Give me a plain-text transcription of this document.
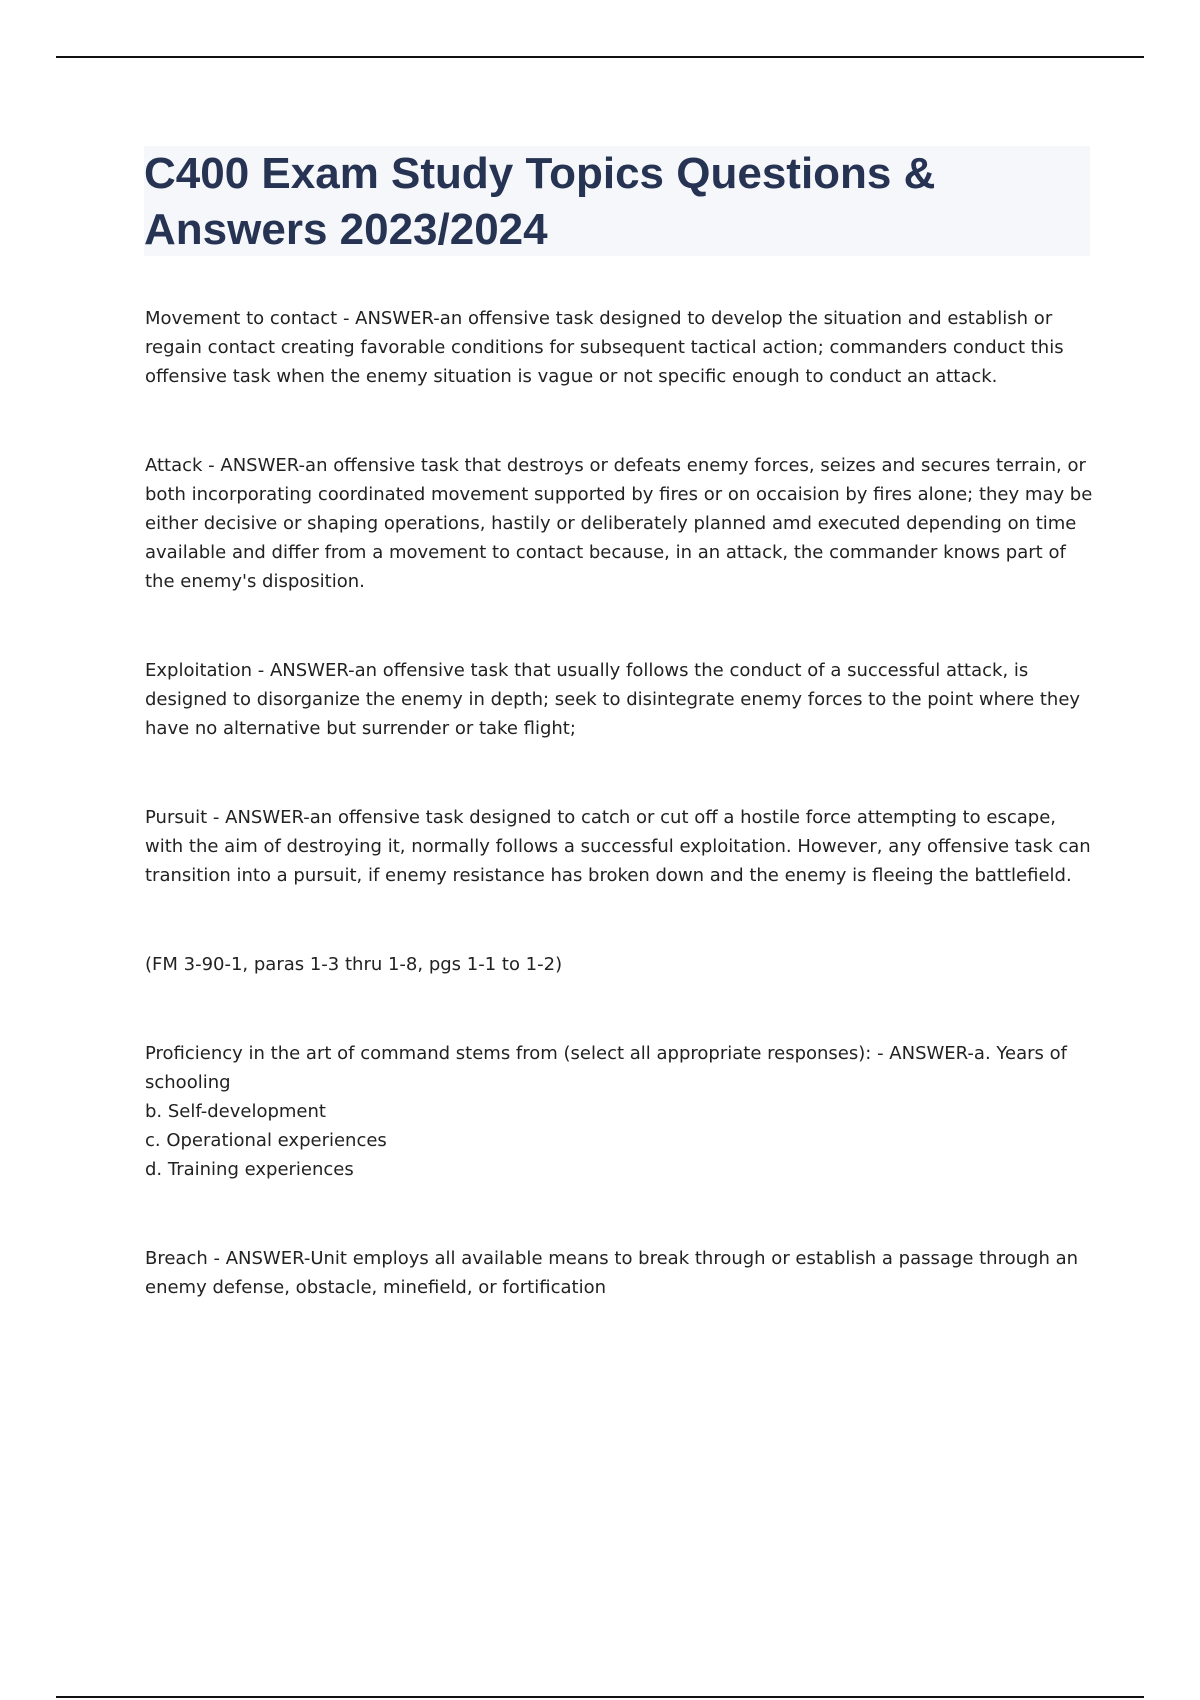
C400 Exam Study Topics Questions &
Answers 2023/2024

Movement to contact - ANSWER-an offensive task designed to develop the situation and establish or regain contact creating favorable conditions for subsequent tactical action; commanders conduct this offensive task when the enemy situation is vague or not specific enough to conduct an attack.

Attack - ANSWER-an offensive task that destroys or defeats enemy forces, seizes and secures terrain, or both incorporating coordinated movement supported by fires or on occaision by fires alone; they may be either decisive or shaping operations, hastily or deliberately planned amd executed depending on time available and differ from a movement to contact because, in an attack, the commander knows part of the enemy's disposition.

Exploitation - ANSWER-an offensive task that usually follows the conduct of a successful attack, is designed to disorganize the enemy in depth; seek to disintegrate enemy forces to the point where they have no alternative but surrender or take flight;

Pursuit - ANSWER-an offensive task designed to catch or cut off a hostile force attempting to escape, with the aim of destroying it, normally follows a successful exploitation. However, any offensive task can transition into a pursuit, if enemy resistance has broken down and the enemy is fleeing the battlefield.

(FM 3-90-1, paras 1-3 thru 1-8, pgs 1-1 to 1-2)

Proficiency in the art of command stems from (select all appropriate responses): - ANSWER-a. Years of schooling

b. Self-development

c. Operational experiences

d. Training experiences

Breach - ANSWER-Unit employs all available means to break through or establish a passage through an enemy defense, obstacle, minefield, or fortification
